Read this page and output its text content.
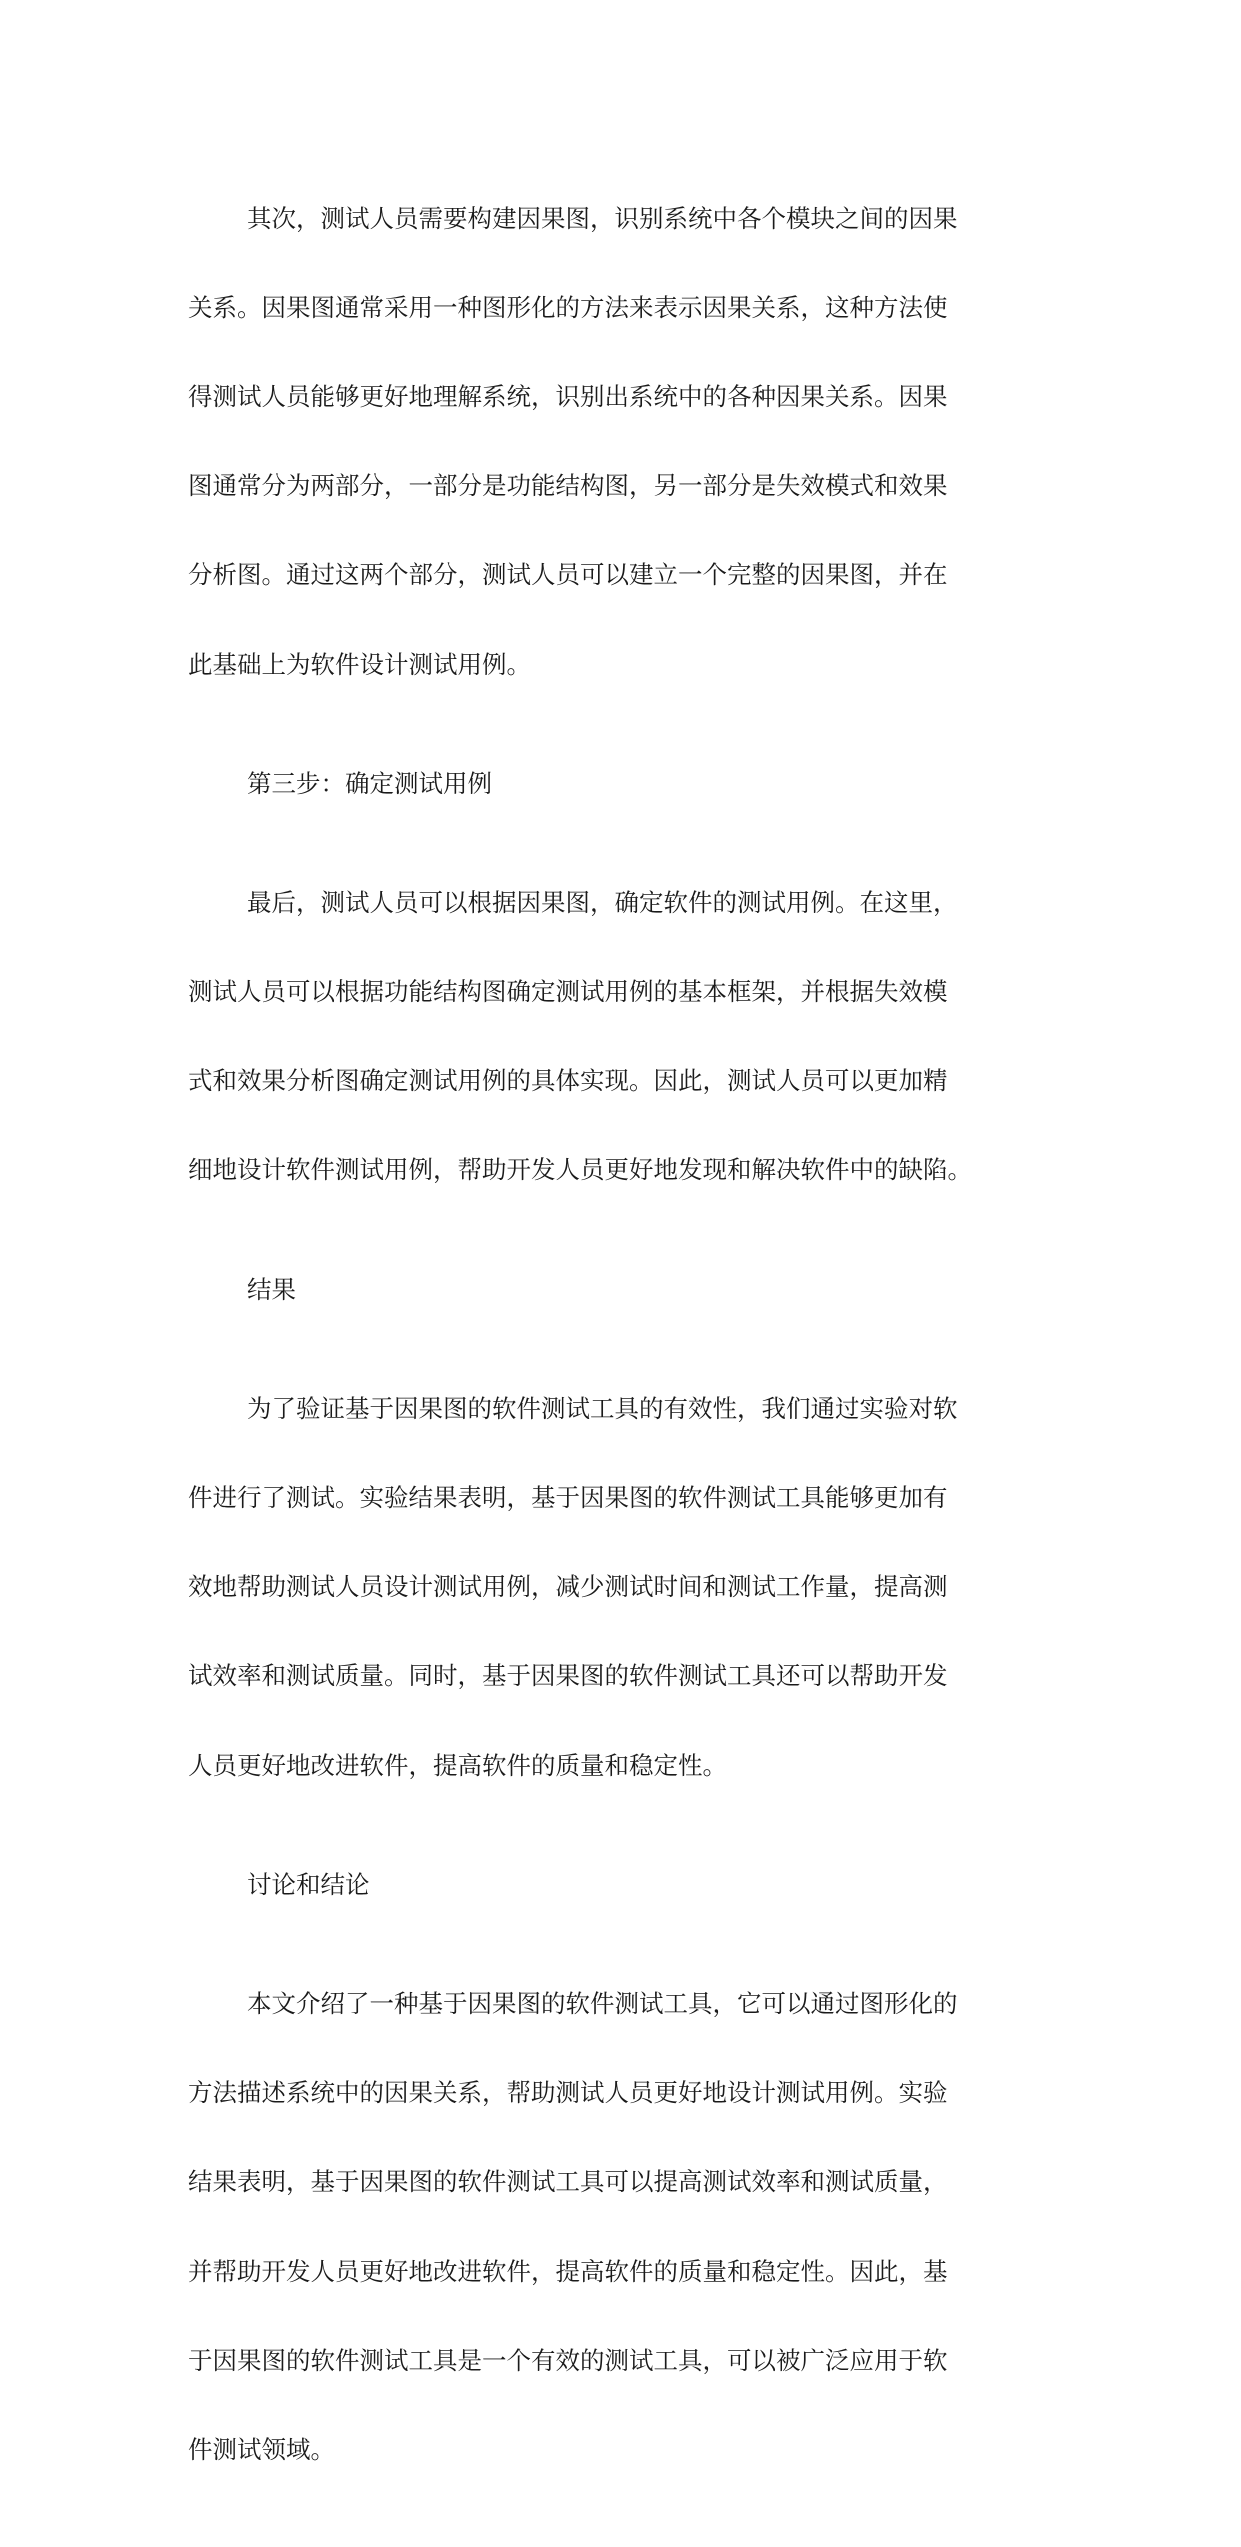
其次，测试人员需要构建因果图，识别系统中各个模块之间的因果

关系。因果图通常采用一种图形化的方法来表示因果关系，这种方法使

得测试人员能够更好地理解系统，识别出系统中的各种因果关系。因果

图通常分为两部分，一部分是功能结构图，另一部分是失效模式和效果

分析图。通过这两个部分，测试人员可以建立一个完整的因果图，并在

此基础上为软件设计测试用例。

第三步：确定测试用例

最后，测试人员可以根据因果图，确定软件的测试用例。在这里，

测试人员可以根据功能结构图确定测试用例的基本框架，并根据失效模

式和效果分析图确定测试用例的具体实现。因此，测试人员可以更加精

细地设计软件测试用例，帮助开发人员更好地发现和解决软件中的缺陷。

结果

为了验证基于因果图的软件测试工具的有效性，我们通过实验对软

件进行了测试。实验结果表明，基于因果图的软件测试工具能够更加有

效地帮助测试人员设计测试用例，减少测试时间和测试工作量，提高测

试效率和测试质量。同时，基于因果图的软件测试工具还可以帮助开发

人员更好地改进软件，提高软件的质量和稳定性。

讨论和结论

本文介绍了一种基于因果图的软件测试工具，它可以通过图形化的

方法描述系统中的因果关系，帮助测试人员更好地设计测试用例。实验

结果表明，基于因果图的软件测试工具可以提高测试效率和测试质量，

并帮助开发人员更好地改进软件，提高软件的质量和稳定性。因此，基

于因果图的软件测试工具是一个有效的测试工具，可以被广泛应用于软

件测试领域。
